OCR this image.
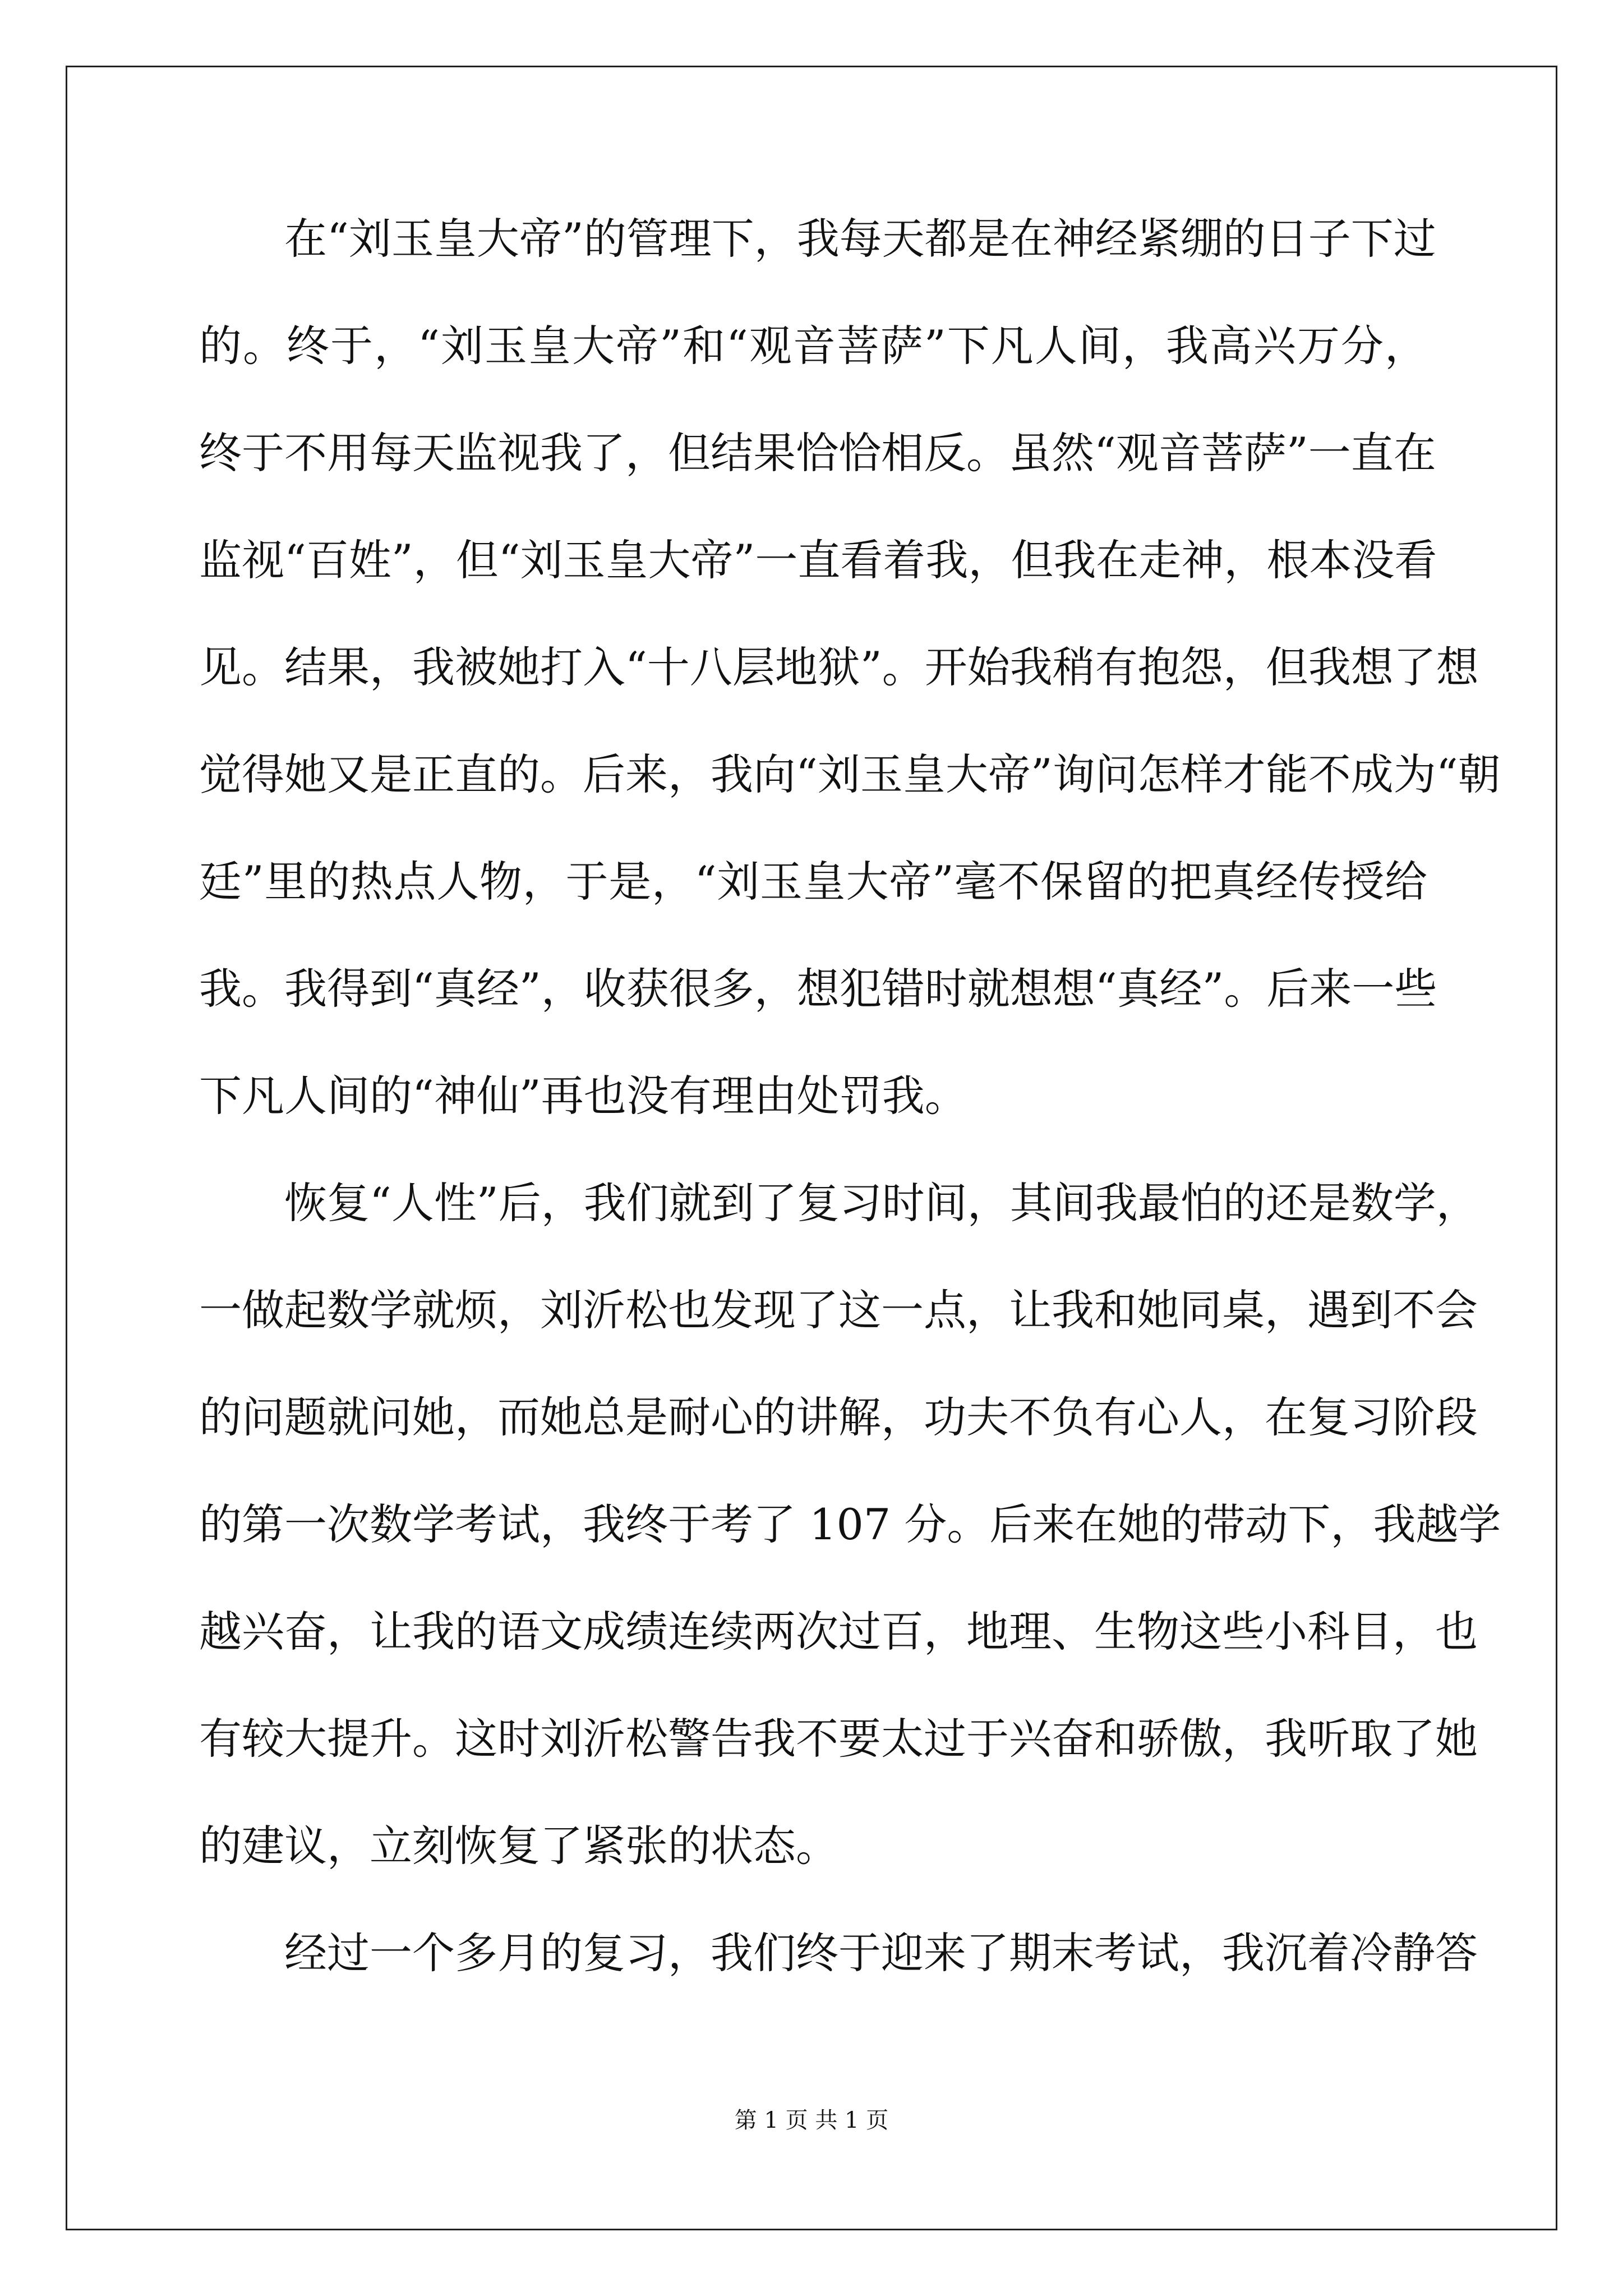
在“刘玉皇大帝”的管理下，我每天都是在神经紧绷的日子下过
的。终于，“刘玉皇大帝”和“观音菩萨”下凡人间，我高兴万分，
终于不用每天监视我了，但结果恰恰相反。虽然“观音菩萨”一直在
监视“百姓”，但“刘玉皇大帝”一直看着我，但我在走神，根本没看
见。结果，我被她打入“十八层地狱”。开始我稍有抱怨，但我想了想
觉得她又是正直的。后来，我向“刘玉皇大帝”询问怎样才能不成为“朝
廷”里的热点人物，于是，“刘玉皇大帝”毫不保留的把真经传授给
我。我得到“真经”，收获很多，想犯错时就想想“真经”。后来一些
下凡人间的“神仙”再也没有理由处罚我。
恢复“人性”后，我们就到了复习时间，其间我最怕的还是数学，
一做起数学就烦，刘沂松也发现了这一点，让我和她同桌，遇到不会
的问题就问她，而她总是耐心的讲解，功夫不负有心人，在复习阶段
的第一次数学考试，我终于考了 107 分。后来在她的带动下，我越学
越兴奋，让我的语文成绩连续两次过百，地理、生物这些小科目，也
有较大提升。这时刘沂松警告我不要太过于兴奋和骄傲，我听取了她
的建议，立刻恢复了紧张的状态。
经过一个多月的复习，我们终于迎来了期末考试，我沉着冷静答
第 1 页 共 1 页
